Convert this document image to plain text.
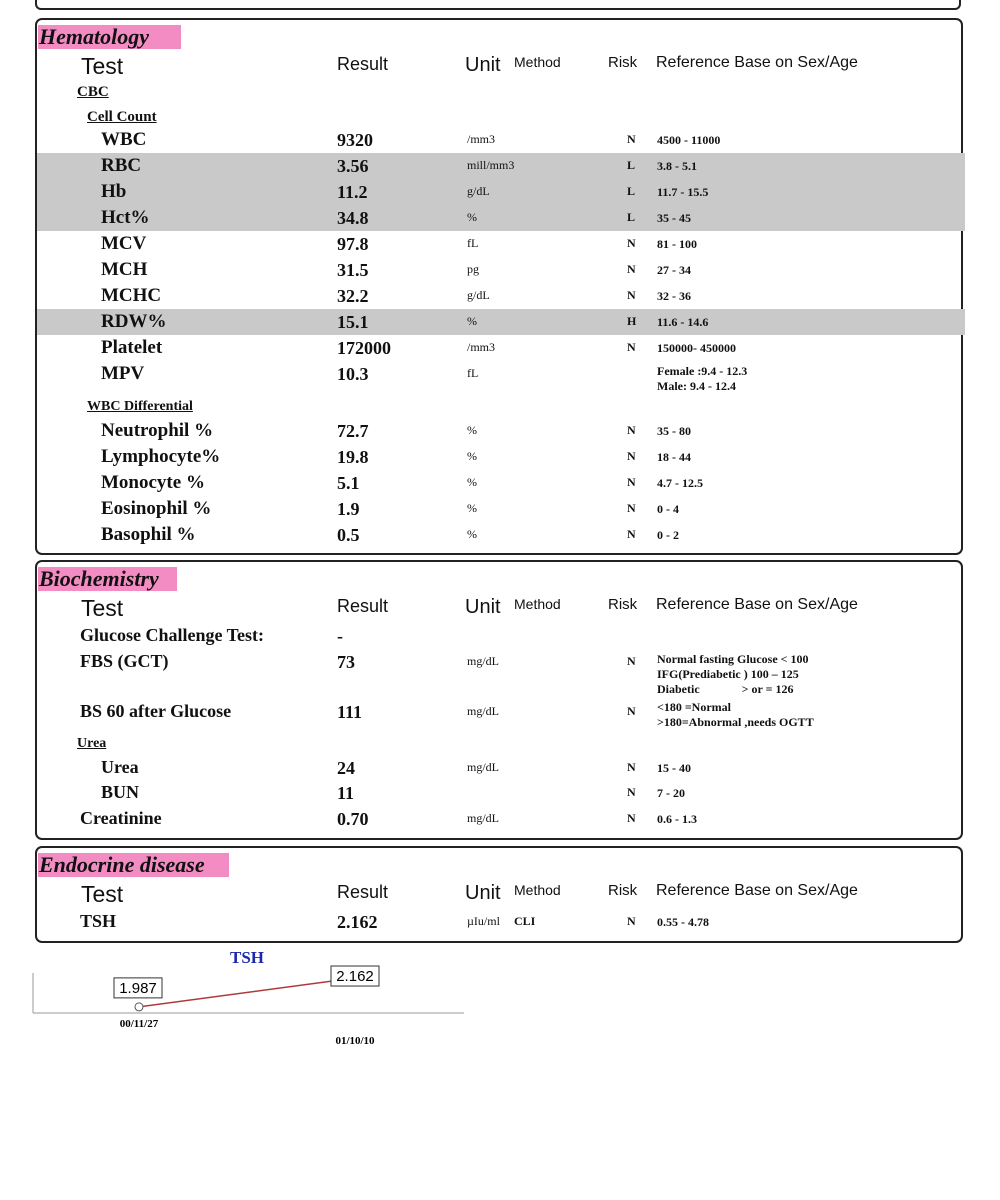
Hematology
Test	Result	Unit Method	Risk Reference Base on Sex/Age
CBC
Cell Count
WBC	9320	/mm3	N 4500 - 11000
RBC	3.56	mill/mm3	L 3.8 - 5.1
Hb	11.2	g/dL	L 11.7 - 15.5
Hct%	34.8	%	L 35 - 45
MCV	97.8	fL	N 81 - 100
MCH	31.5	pg	N 27 - 34
MCHC	32.2	g/dL	N 32 - 36
RDW%	15.1	%	H 11.6 - 14.6
Platelet	172000	/mm3	N 150000- 450000
MPV	10.3	fL	Female :9.4 - 12.3
Male: 9.4 - 12.4
WBC Differential
Neutrophil %	72.7	%	N 35 - 80
Lymphocyte%	19.8	%	N 18 - 44
Monocyte %	5.1	%	N 4.7 - 12.5
Eosinophil %	1.9	%	N 0 - 4
Basophil %	0.5	%	N 0 - 2
Biochemistry
Test	Result	Unit Method	Risk Reference Base on Sex/Age
Glucose Challenge Test:	-
FBS (GCT)	73	mg/dL	N Normal fasting Glucose < 100
IFG(Prediabetic ) 100 – 125
Diabetic              > or = 126
BS 60 after Glucose	111	mg/dL	N <180 =Normal
>180=Abnormal ,needs OGTT
Urea
Urea	24	mg/dL	N 15 - 40
BUN	11	N 7 - 20
Creatinine	0.70	mg/dL	N 0.6 - 1.3
Endocrine disease
Test	Result	Unit Method	Risk Reference Base on Sex/Age
TSH	2.162	µIu/ml CLI	N 0.55 - 4.78
TSH
1.987
00/11/27
2.162
01/10/10
